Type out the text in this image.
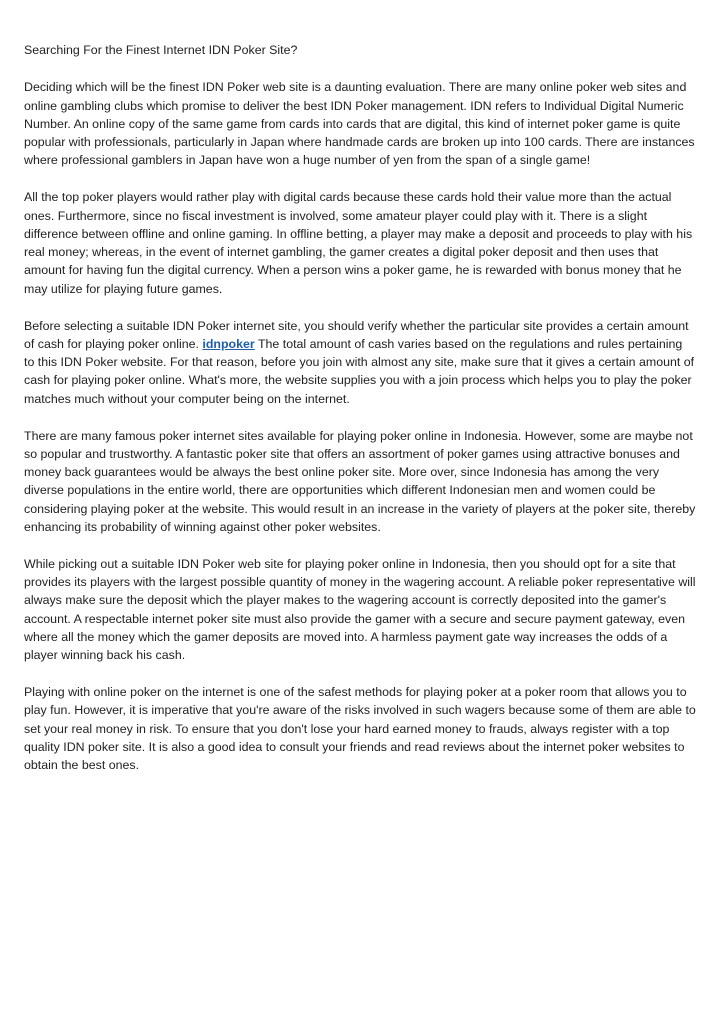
Searching For the Finest Internet IDN Poker Site?

Deciding which will be the finest IDN Poker web site is a daunting evaluation. There are many online poker web sites and online gambling clubs which promise to deliver the best IDN Poker management. IDN refers to Individual Digital Numeric Number. An online copy of the same game from cards into cards that are digital, this kind of internet poker game is quite popular with professionals, particularly in Japan where handmade cards are broken up into 100 cards. There are instances where professional gamblers in Japan have won a huge number of yen from the span of a single game!

All the top poker players would rather play with digital cards because these cards hold their value more than the actual ones. Furthermore, since no fiscal investment is involved, some amateur player could play with it. There is a slight difference between offline and online gaming. In offline betting, a player may make a deposit and proceeds to play with his real money; whereas, in the event of internet gambling, the gamer creates a digital poker deposit and then uses that amount for having fun the digital currency. When a person wins a poker game, he is rewarded with bonus money that he may utilize for playing future games.

Before selecting a suitable IDN Poker internet site, you should verify whether the particular site provides a certain amount of cash for playing poker online. idnpoker The total amount of cash varies based on the regulations and rules pertaining to this IDN Poker website. For that reason, before you join with almost any site, make sure that it gives a certain amount of cash for playing poker online. What's more, the website supplies you with a join process which helps you to play the poker matches much without your computer being on the internet.

There are many famous poker internet sites available for playing poker online in Indonesia. However, some are maybe not so popular and trustworthy. A fantastic poker site that offers an assortment of poker games using attractive bonuses and money back guarantees would be always the best online poker site. More over, since Indonesia has among the very diverse populations in the entire world, there are opportunities which different Indonesian men and women could be considering playing poker at the website. This would result in an increase in the variety of players at the poker site, thereby enhancing its probability of winning against other poker websites.

While picking out a suitable IDN Poker web site for playing poker online in Indonesia, then you should opt for a site that provides its players with the largest possible quantity of money in the wagering account. A reliable poker representative will always make sure the deposit which the player makes to the wagering account is correctly deposited into the gamer's account. A respectable internet poker site must also provide the gamer with a secure and secure payment gateway, even where all the money which the gamer deposits are moved into. A harmless payment gate way increases the odds of a player winning back his cash.

Playing with online poker on the internet is one of the safest methods for playing poker at a poker room that allows you to play fun. However, it is imperative that you're aware of the risks involved in such wagers because some of them are able to set your real money in risk. To ensure that you don't lose your hard earned money to frauds, always register with a top quality IDN poker site. It is also a good idea to consult your friends and read reviews about the internet poker websites to obtain the best ones.
